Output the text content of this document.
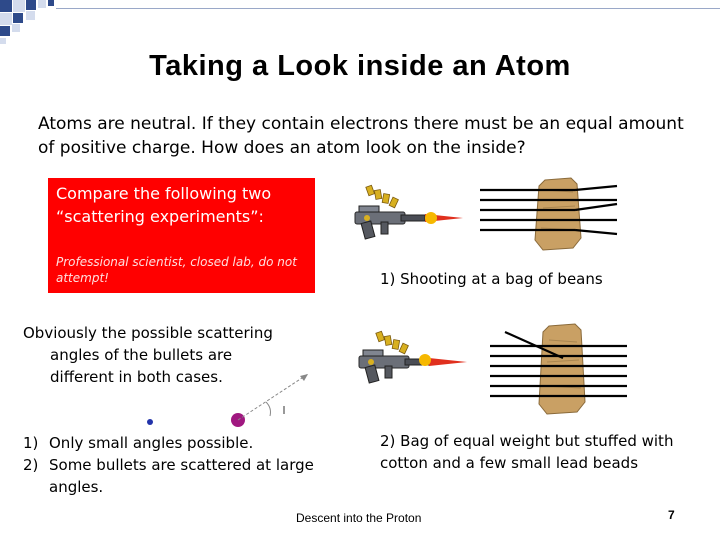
Taking a Look inside an Atom
Atoms are neutral. If they contain electrons there must be an equal amount of positive charge. How does an atom look on the inside?
Compare the following two “scattering experiments”:
Professional scientist, closed lab, do not attempt!	1) Shooting at a bag of beans
Obviously the possible scattering
angles of the bullets are
different in both cases.
1) Only small angles possible.
2) Some bullets are scattered at large angles.
2) Bag of equal weight but stuffed with cotton and a few small lead beads
Descent into the Proton	7
